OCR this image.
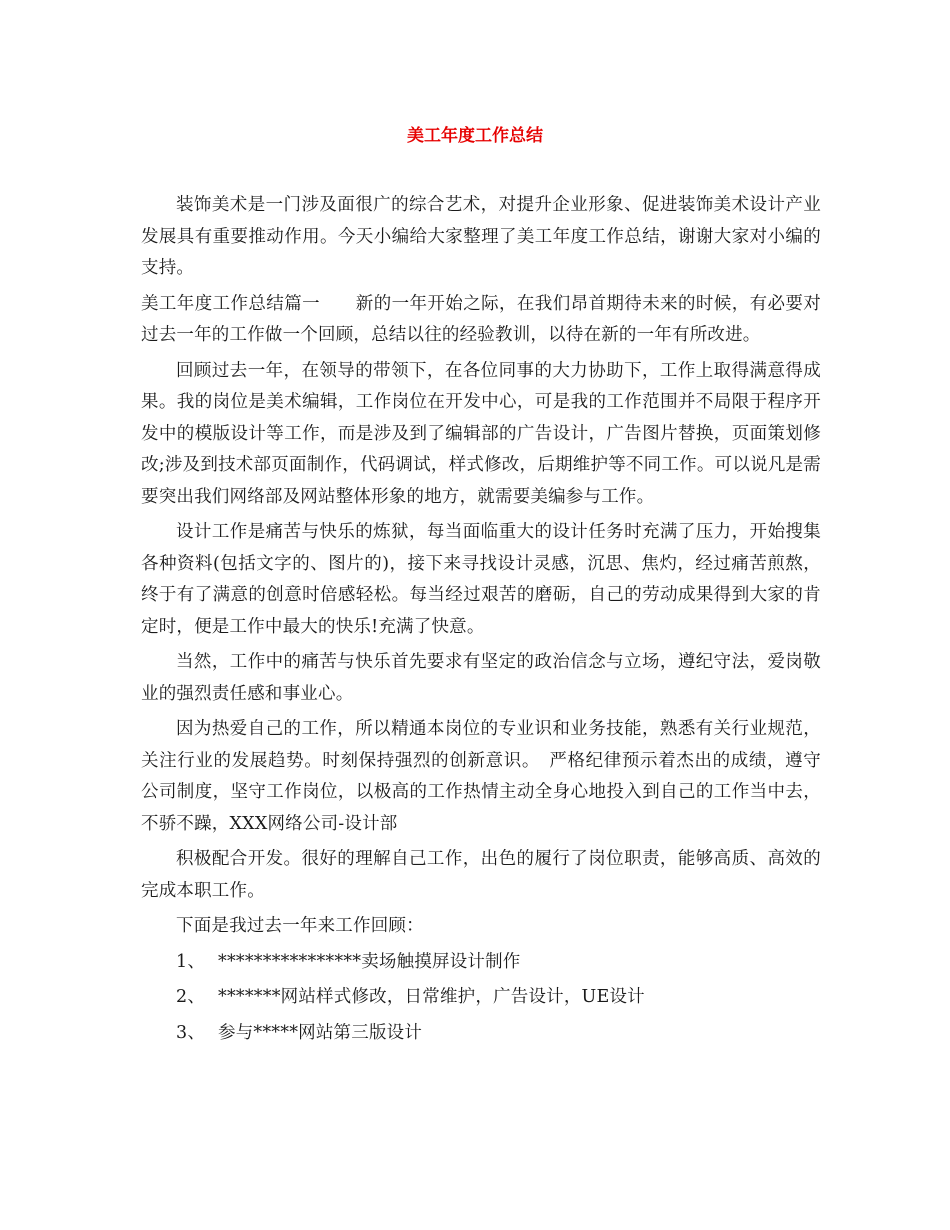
美工年度工作总结

装饰美术是一门涉及面很广的综合艺术，对提升企业形象、促进装饰美术设计产业发展具有重要推动作用。今天小编给大家整理了美工年度工作总结，谢谢大家对小编的支持。

美工年度工作总结篇一　　新的一年开始之际，在我们昂首期待未来的时候，有必要对过去一年的工作做一个回顾，总结以往的经验教训，以待在新的一年有所改进。

回顾过去一年，在领导的带领下，在各位同事的大力协助下，工作上取得满意得成果。我的岗位是美术编辑，工作岗位在开发中心，可是我的工作范围并不局限于程序开发中的模版设计等工作，而是涉及到了编辑部的广告设计，广告图片替换，页面策划修改;涉及到技术部页面制作，代码调试，样式修改，后期维护等不同工作。可以说凡是需要突出我们网络部及网站整体形象的地方，就需要美编参与工作。

设计工作是痛苦与快乐的炼狱，每当面临重大的设计任务时充满了压力，开始搜集各种资料(包括文字的、图片的)，接下来寻找设计灵感，沉思、焦灼，经过痛苦煎熬，终于有了满意的创意时倍感轻松。每当经过艰苦的磨砺，自己的劳动成果得到大家的肯定时，便是工作中最大的快乐!充满了快意。

当然，工作中的痛苦与快乐首先要求有坚定的政治信念与立场，遵纪守法，爱岗敬业的强烈责任感和事业心。

因为热爱自己的工作，所以精通本岗位的专业识和业务技能，熟悉有关行业规范，关注行业的发展趋势。时刻保持强烈的创新意识。　严格纪律预示着杰出的成绩，遵守公司制度，坚守工作岗位，以极高的工作热情主动全身心地投入到自己的工作当中去，不骄不躁，XXX网络公司-设计部

积极配合开发。很好的理解自己工作，出色的履行了岗位职责，能够高质、高效的完成本职工作。

下面是我过去一年来工作回顾：

1、 ****************卖场触摸屏设计制作
2、 *******网站样式修改，日常维护，广告设计，UE设计
3、 参与*****网站第三版设计
